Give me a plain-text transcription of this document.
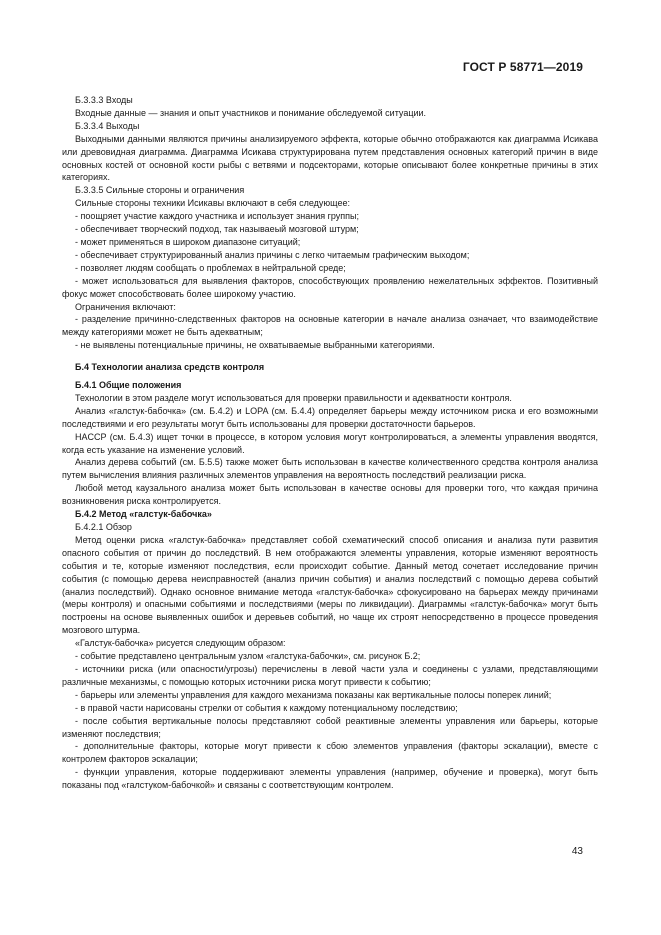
ГОСТ Р 58771—2019

Б.3.3.3 Входы

Входные данные — знания и опыт участников и понимание обследуемой ситуации.

Б.3.3.4 Выходы

Выходными данными являются причины анализируемого эффекта, которые обычно отображаются как диаграмма Исикава или древовидная диаграмма. Диаграмма Исикава структурирована путем представления основных категорий причин в виде основных костей от основной кости рыбы с ветвями и подсекторами, которые описывают более конкретные причины в этих категориях.

Б.3.3.5 Сильные стороны и ограничения

Сильные стороны техники Исикавы включают в себя следующее:

- поощряет участие каждого участника и использует знания группы;

- обеспечивает творческий подход, так называеый мозговой штурм;

- может применяться в широком диапазоне ситуаций;

- обеспечивает структурированный анализ причины с легко читаемым графическим выходом;

- позволяет людям сообщать о проблемах в нейтральной среде;

- может использоваться для выявления факторов, способствующих проявлению нежелательных эффектов. Позитивный фокус может способствовать более широкому участию.

Ограничения включают:

- разделение причинно-следственных факторов на основные категории в начале анализа означает, что взаимодействие между категориями может не быть адекватным;

- не выявлены потенциальные причины, не охватываемые выбранными категориями.

Б.4 Технологии анализа средств контроля

Б.4.1 Общие положения

Технологии в этом разделе могут использоваться для проверки правильности и адекватности контроля.

Анализ «галстук-бабочка» (см. Б.4.2) и LOPA (см. Б.4.4) определяет барьеры между источником риска и его возможными последствиями и его результаты могут быть использованы для проверки достаточности барьеров.

HACCP (см. Б.4.3) ищет точки в процессе, в котором условия могут контролироваться, а элементы управления вводятся, когда есть указание на изменение условий.

Анализ дерева событий (см. Б.5.5) также может быть использован в качестве количественного средства контроля анализа путем вычисления влияния различных элементов управления на вероятность последствий реализации риска.

Любой метод каузального анализа может быть использован в качестве основы для проверки того, что каждая причина возникновения риска контролируется.

Б.4.2 Метод «галстук-бабочка»

Б.4.2.1 Обзор

Метод оценки риска «галстук-бабочка» представляет собой схематический способ описания и анализа пути развития опасного события от причин до последствий. В нем отображаются элементы управления, которые изменяют вероятность события и те, которые изменяют последствия, если происходит событие. Данный метод сочетает исследование причин события (с помощью дерева неисправностей (анализ причин события) и анализ последствий с помощью дерева событий (анализ последствий). Однако основное внимание метода «галстук-бабочка» сфокусировано на барьерах между причинами (меры контроля) и опасными событиями и последствиями (меры по ликвидации). Диаграммы «галстук-бабочка» могут быть построены на основе выявленных ошибок и деревьев событий, но чаще их строят непосредственно в процессе проведения мозгового штурма.

«Галстук-бабочка» рисуется следующим образом:

- событие представлено центральным узлом «галстука-бабочки», см. рисунок Б.2;

- источники риска (или опасности/угрозы) перечислены в левой части узла и соединены с узлами, представляющими различные механизмы, с помощью которых источники риска могут привести к событию;

- барьеры или элементы управления для каждого механизма показаны как вертикальные полосы поперек линий;

- в правой части нарисованы стрелки от события к каждому потенциальному последствию;

- после события вертикальные полосы представляют собой реактивные элементы управления или барьеры, которые изменяют последствия;

- дополнительные факторы, которые могут привести к сбою элементов управления (факторы эскалации), вместе с контролем факторов эскалации;

- функции управления, которые поддерживают элементы управления (например, обучение и проверка), могут быть показаны под «галстуком-бабочкой» и связаны с соответствующим контролем.

43
